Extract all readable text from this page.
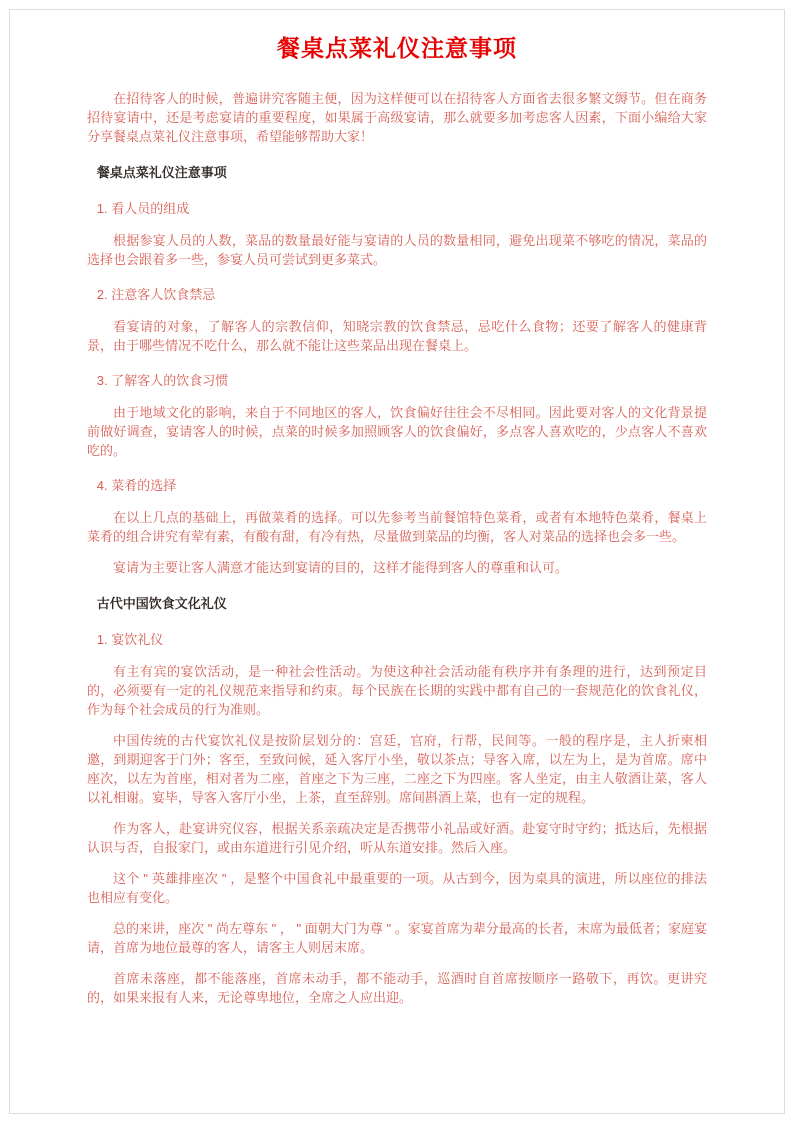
餐桌点菜礼仪注意事项
在招待客人的时候，普遍讲究客随主便，因为这样便可以在招待客人方面省去很多繁文缛节。但在商务招待宴请中，还是考虑宴请的重要程度，如果属于高级宴请，那么就要多加考虑客人因素，下面小编给大家分享餐桌点菜礼仪注意事项，希望能够帮助大家！
餐桌点菜礼仪注意事项
1. 看人员的组成
根据参宴人员的人数，菜品的数量最好能与宴请的人员的数量相同，避免出现菜不够吃的情况，菜品的选择也会跟着多一些，参宴人员可尝试到更多菜式。
2. 注意客人饮食禁忌
看宴请的对象，了解客人的宗教信仰，知晓宗教的饮食禁忌，忌吃什么食物；还要了解客人的健康背景，由于哪些情况不吃什么，那么就不能让这些菜品出现在餐桌上。
3. 了解客人的饮食习惯
由于地域文化的影响，来自于不同地区的客人，饮食偏好往往会不尽相同。因此要对客人的文化背景提前做好调查，宴请客人的时候，点菜的时候多加照顾客人的饮食偏好，多点客人喜欢吃的，少点客人不喜欢吃的。
4. 菜肴的选择
在以上几点的基础上，再做菜肴的选择。可以先参考当前餐馆特色菜肴，或者有本地特色菜肴，餐桌上菜肴的组合讲究有荤有素，有酸有甜，有冷有热，尽量做到菜品的均衡，客人对菜品的选择也会多一些。
宴请为主要让客人满意才能达到宴请的目的，这样才能得到客人的尊重和认可。
古代中国饮食文化礼仪
1. 宴饮礼仪
有主有宾的宴饮活动，是一种社会性活动。为使这种社会活动能有秩序并有条理的进行，达到预定目的，必须要有一定的礼仪规范来指导和约束。每个民族在长期的实践中都有自己的一套规范化的饮食礼仪，作为每个社会成员的行为准则。
中国传统的古代宴饮礼仪是按阶层划分的：宫廷，官府，行帮，民间等。一般的程序是，主人折柬相邀，到期迎客于门外；客至，至致问候，延入客厅小坐，敬以茶点；导客入席，以左为上，是为首席。席中座次，以左为首座，相对者为二座，首座之下为三座，二座之下为四座。客人坐定，由主人敬酒让菜，客人以礼相谢。宴毕，导客入客厅小坐，上茶，直至辞别。席间斟酒上菜，也有一定的规程。
作为客人，赴宴讲究仪容，根据关系亲疏决定是否携带小礼品或好酒。赴宴守时守约；抵达后，先根据认识与否，自报家门，或由东道进行引见介绍，听从东道安排。然后入座。
这个 " 英雄排座次 " ，是整个中国食礼中最重要的一项。从古到今，因为桌具的演进，所以座位的排法也相应有变化。
总的来讲，座次 " 尚左尊东 " ， " 面朝大门为尊 " 。家宴首席为辈分最高的长者，末席为最低者；家庭宴请，首席为地位最尊的客人，请客主人则居末席。
首席未落座，都不能落座，首席未动手，都不能动手，巡酒时自首席按顺序一路敬下，再饮。更讲究的，如果来报有人来，无论尊卑地位，全席之人应出迎。
